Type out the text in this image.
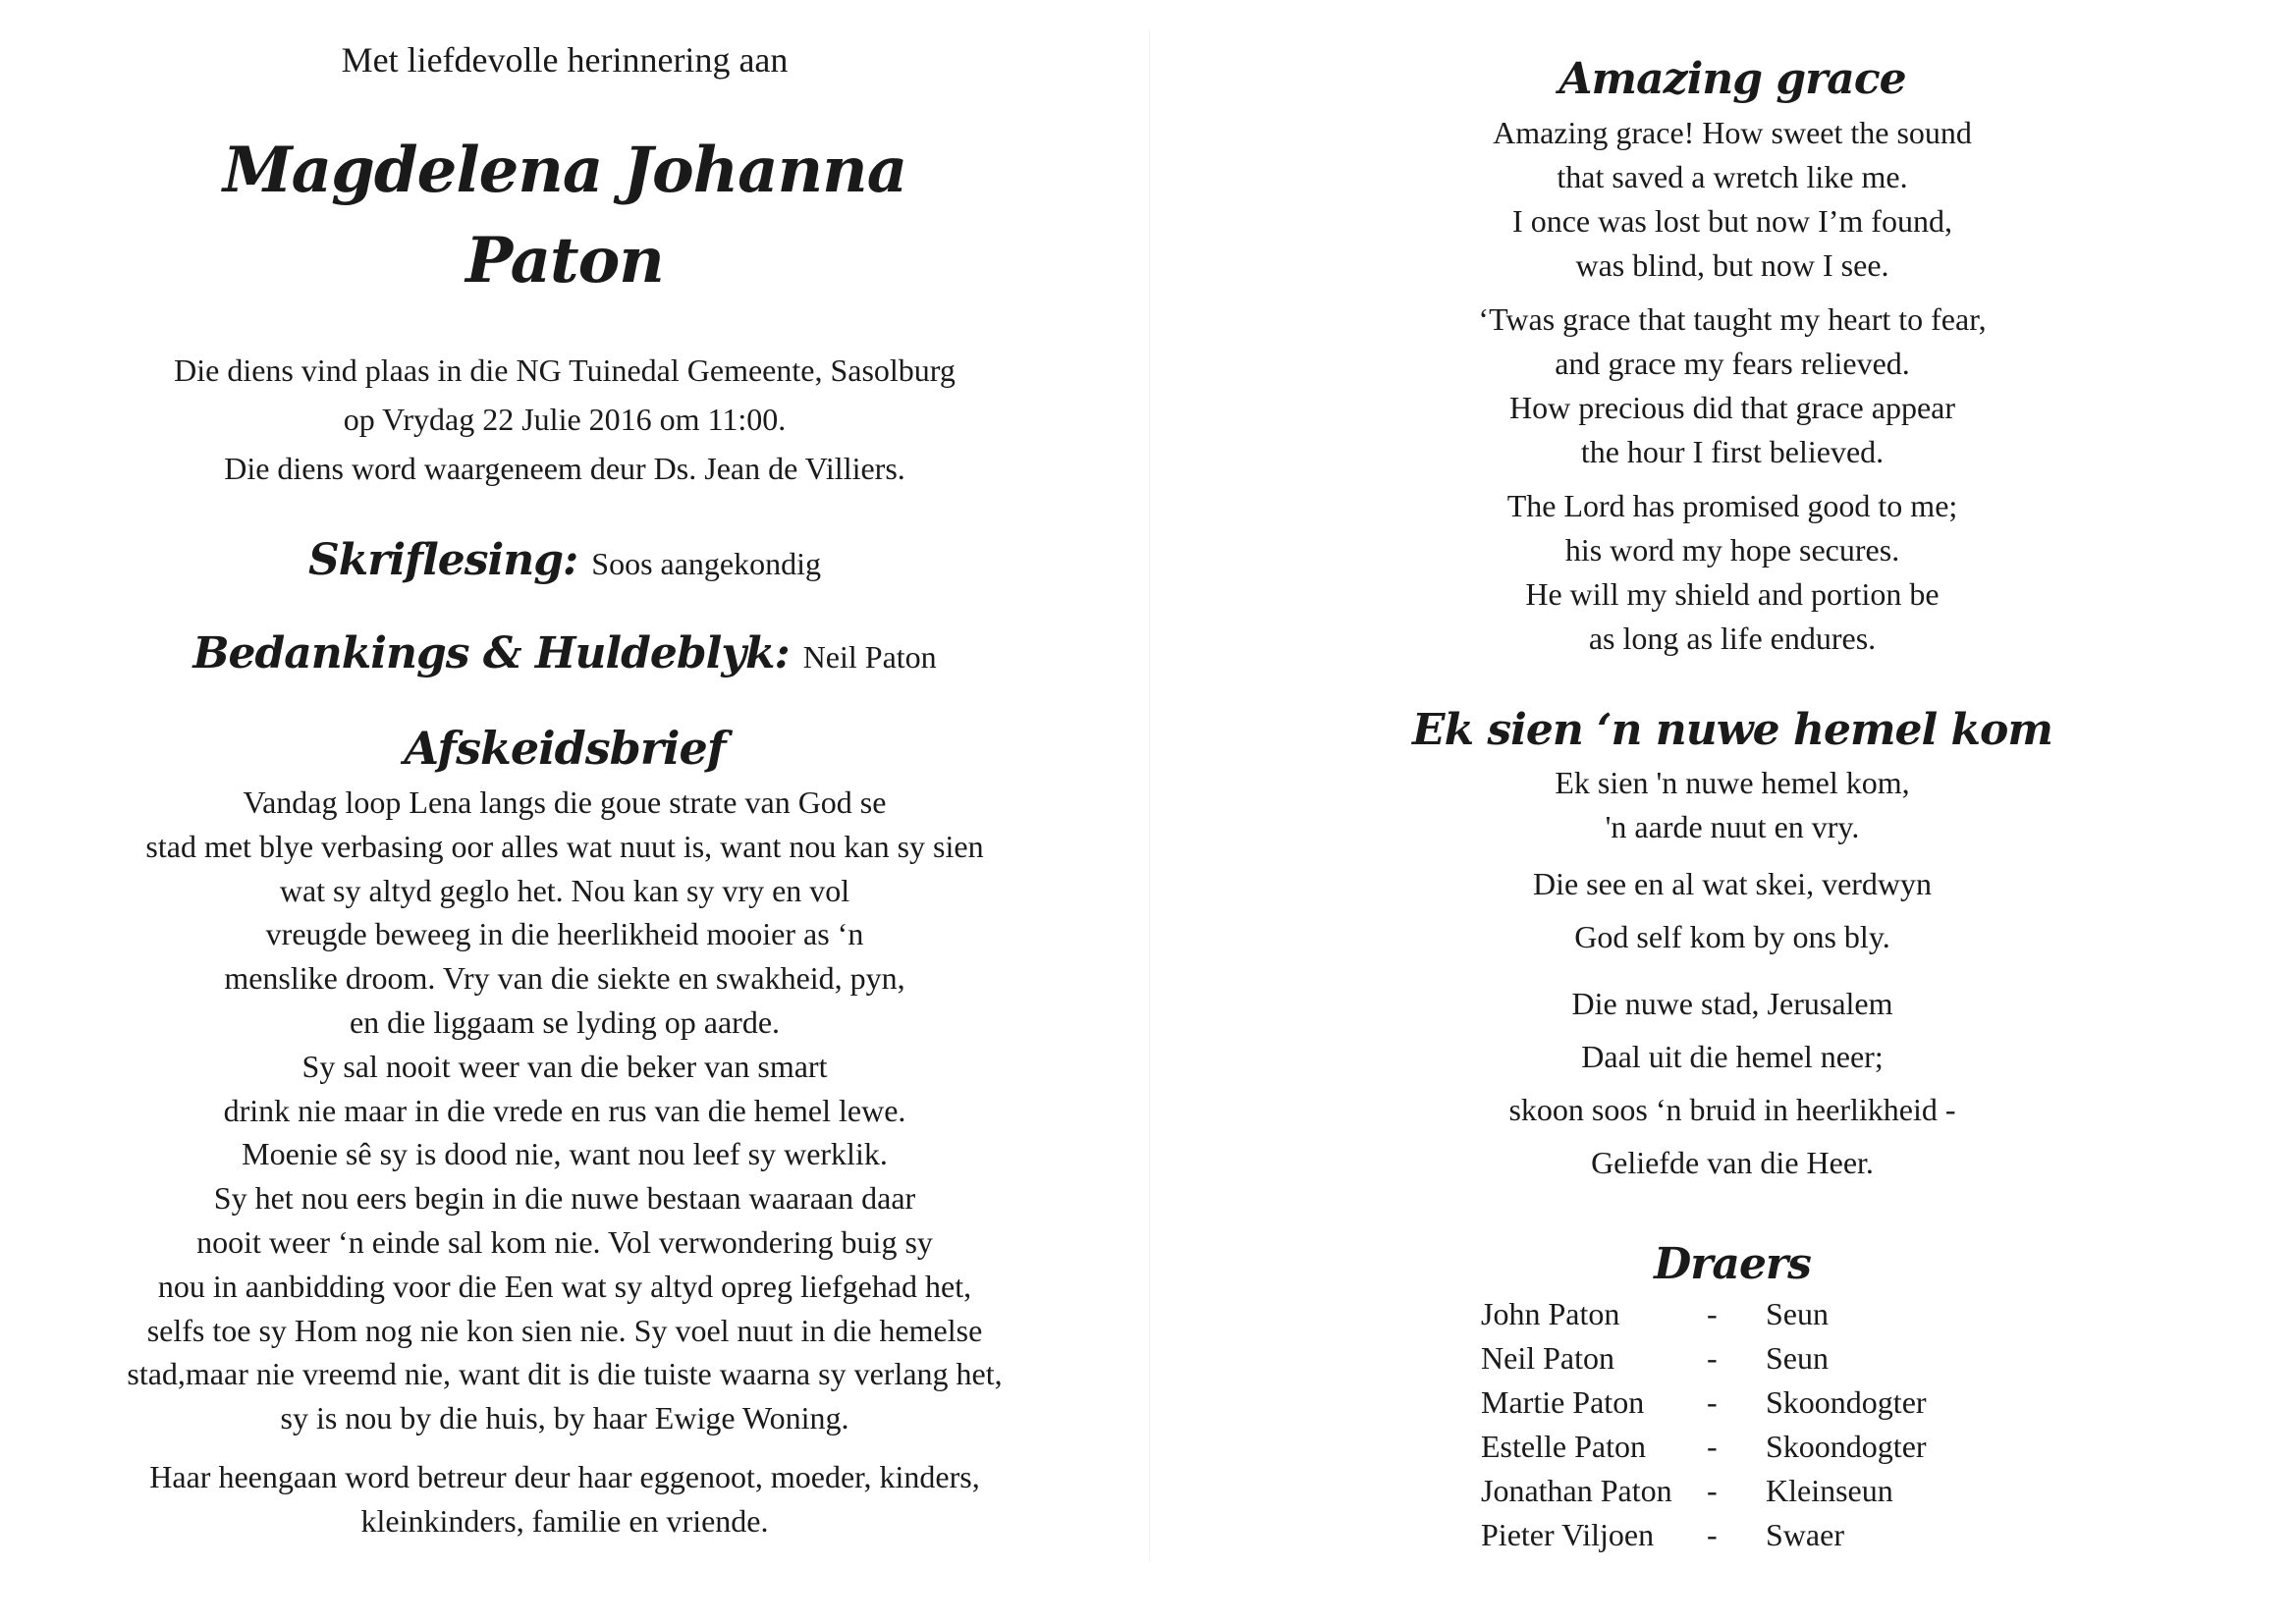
Met liefdevolle herinnering aan
Magdelena Johanna
Paton
Die diens vind plaas in die NG Tuinedal Gemeente, Sasolburg
op Vrydag 22 Julie 2016 om 11:00.
Die diens word waargeneem deur Ds. Jean de Villiers.
Skriflesing: Soos aangekondig
Bedankings & Huldeblyk: Neil Paton
Afskeidsbrief
Vandag loop Lena langs die goue strate van God se
stad met blye verbasing oor alles wat nuut is, want nou kan sy sien
wat sy altyd geglo het. Nou kan sy vry en vol
vreugde beweeg in die heerlikheid mooier as ‘n
menslike droom. Vry van die siekte en swakheid, pyn,
en die liggaam se lyding op aarde.
Sy sal nooit weer van die beker van smart
drink nie maar in die vrede en rus van die hemel lewe.
Moenie sê sy is dood nie, want nou leef sy werklik.
Sy het nou eers begin in die nuwe bestaan waaraan daar
nooit weer ‘n einde sal kom nie. Vol verwondering buig sy
nou in aanbidding voor die Een wat sy altyd opreg liefgehad het,
selfs toe sy Hom nog nie kon sien nie. Sy voel nuut in die hemelse
stad,maar nie vreemd nie, want dit is die tuiste waarna sy verlang het,
sy is nou by die huis, by haar Ewige Woning.
Haar heengaan word betreur deur haar eggenoot, moeder, kinders,
kleinkinders, familie en vriende.
Amazing grace
Amazing grace! How sweet the sound
that saved a wretch like me.
I once was lost but now I’m found,
was blind, but now I see.
‘Twas grace that taught my heart to fear,
and grace my fears relieved.
How precious did that grace appear
the hour I first believed.
The Lord has promised good to me;
his word my hope secures.
He will my shield and portion be
as long as life endures.
Ek sien ‘n nuwe hemel kom
Ek sien 'n nuwe hemel kom,
'n aarde nuut en vry.
Die see en al wat skei, verdwyn
God self kom by ons bly.
Die nuwe stad, Jerusalem
Daal uit die hemel neer;
skoon soos ‘n bruid in heerlikheid -
Geliefde van die Heer.
Draers
John Paton	-	Seun
Neil Paton	-	Seun
Martie Paton	-	Skoondogter
Estelle Paton	-	Skoondogter
Jonathan Paton	-	Kleinseun
Pieter Viljoen	-	Swaer
